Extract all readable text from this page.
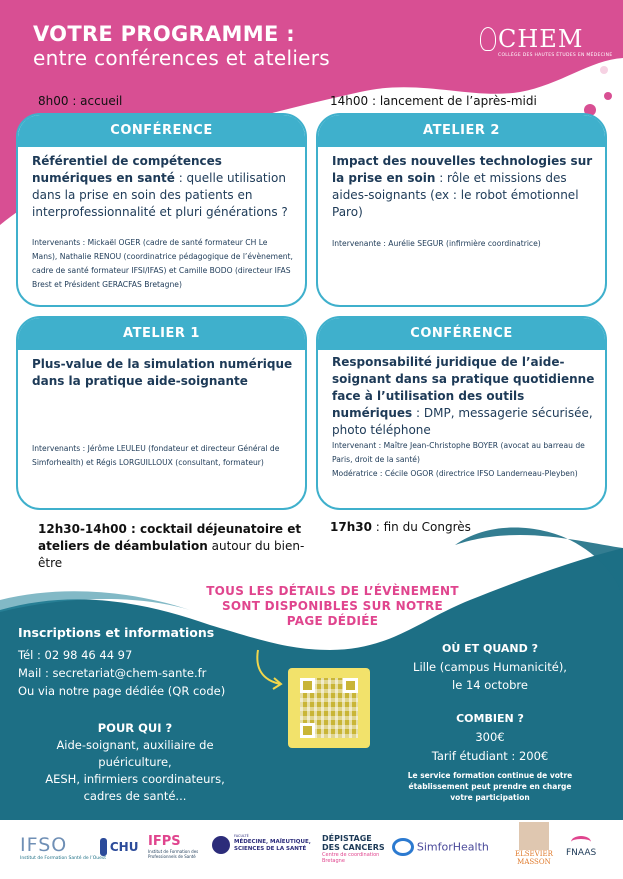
VOTRE PROGRAMME :
entre conférences et ateliers
CHEM
COLLÈGE DES HAUTES ÉTUDES EN MÉDECINE
8h00 : accueil	14h00 : lancement de l’après-midi
CONFÉRENCE
Référentiel de compétences numériques en santé : quelle utilisation dans la prise en soin des patients en interprofessionnalité et pluri générations ?
Intervenants : Mickaël OGER (cadre de santé formateur CH Le Mans), Nathalie RENOU (coordinatrice pédagogique de l’évènement, cadre de santé formateur IFSI/IFAS) et Camille BODO (directeur IFAS Brest et Président GERACFAS Bretagne)
ATELIER 2
Impact des nouvelles technologies sur la prise en soin : rôle et missions des aides-soignants (ex : le robot émotionnel Paro)
Intervenante : Aurélie SEGUR (infirmière coordinatrice)
ATELIER 1
Plus-value de la simulation numérique dans la pratique aide-soignante
Intervenants : Jérôme LEULEU (fondateur et directeur Général de Simforhealth) et Régis LORGUILLOUX (consultant, formateur)
CONFÉRENCE
Responsabilité juridique de l’aide-soignant dans sa pratique quotidienne face à l’utilisation des outils numériques : DMP, messagerie sécurisée, photo téléphone
Intervenant : Maître Jean-Christophe BOYER (avocat au barreau de Paris, droit de la santé)
Modératrice : Cécile OGOR (directrice IFSO Landerneau-Pleyben)
12h30-14h00 : cocktail déjeunatoire et ateliers de déambulation autour du bien-être
17h30 : fin du Congrès
TOUS LES DÉTAILS DE L’ÉVÈNEMENT
SONT DISPONIBLES SUR NOTRE
PAGE DÉDIÉE
Inscriptions et informations
Tél : 02 98 46 44 97
Mail : secretariat@chem-sante.fr
Ou via notre page dédiée (QR code)
POUR QUI ?
Aide-soignant, auxiliaire de puériculture,
AESH, infirmiers coordinateurs,
cadres de santé...
OÙ ET QUAND ?
Lille (campus Humanicité),
le 14 octobre
COMBIEN ?
300€
Tarif étudiant : 200€
Le service formation continue de votre
établissement peut prendre en charge
votre participation
IFSO
Institut de Formation Santé de l’Ouest
CHU IFPS
Institut de Formation des Professionnels de Santé
FACULTÉ
MÉDECINE, MAÏEUTIQUE,
SCIENCES DE LA SANTÉ
DÉPISTAGE
DES CANCERS
Centre de coordination
Bretagne
SimforHealth
ELSEVIER
MASSON
FNAAS
